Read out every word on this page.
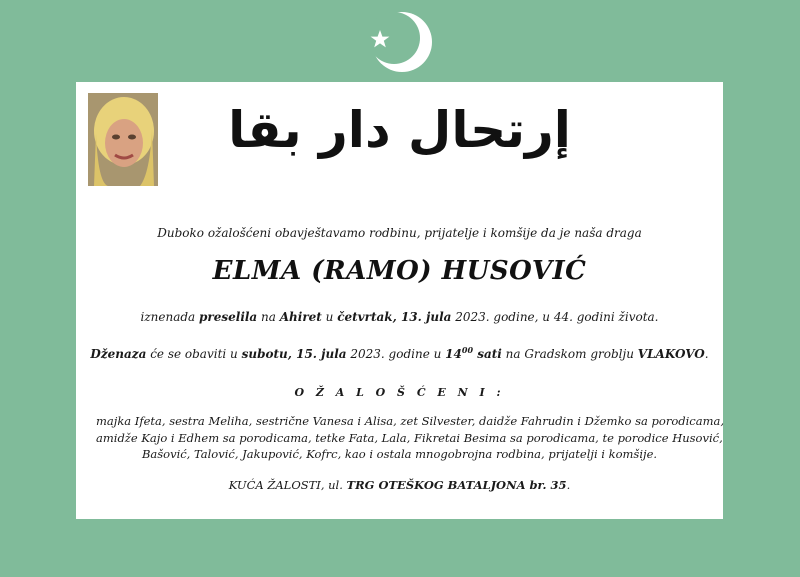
إرتحال دار بقا
Duboko ožalošćeni obavještavamo rodbinu, prijatelje i komšije da je naša draga
ELMA (RAMO) HUSOVIĆ
iznenada preselila na Ahiret u četvrtak, 13. jula 2023. godine, u 44. godini života.
Dženaza će se obaviti u subotu, 15. jula 2023. godine u $14^{00}$ sati na Gradskom groblju VLAKOVO.
O Ž A L O Š Ć E N I :
majka Ifeta, sestra Meliha, sestrične Vanesa i Alisa, zet Silvester, daidže Fahrudin i Džemko sa porodicama,
amidže Kajo i Edhem sa porodicama, tetke Fata, Lala, Fikretai Besima sa porodicama, te porodice Husović,
Bašović, Talović, Jakupović, Kofrc, kao i ostala mnogobrojna rodbina, prijatelji i komšije.
KUĆA ŽALOSTI, ul. TRG OTEŠKOG BATALJONA br. 35.
